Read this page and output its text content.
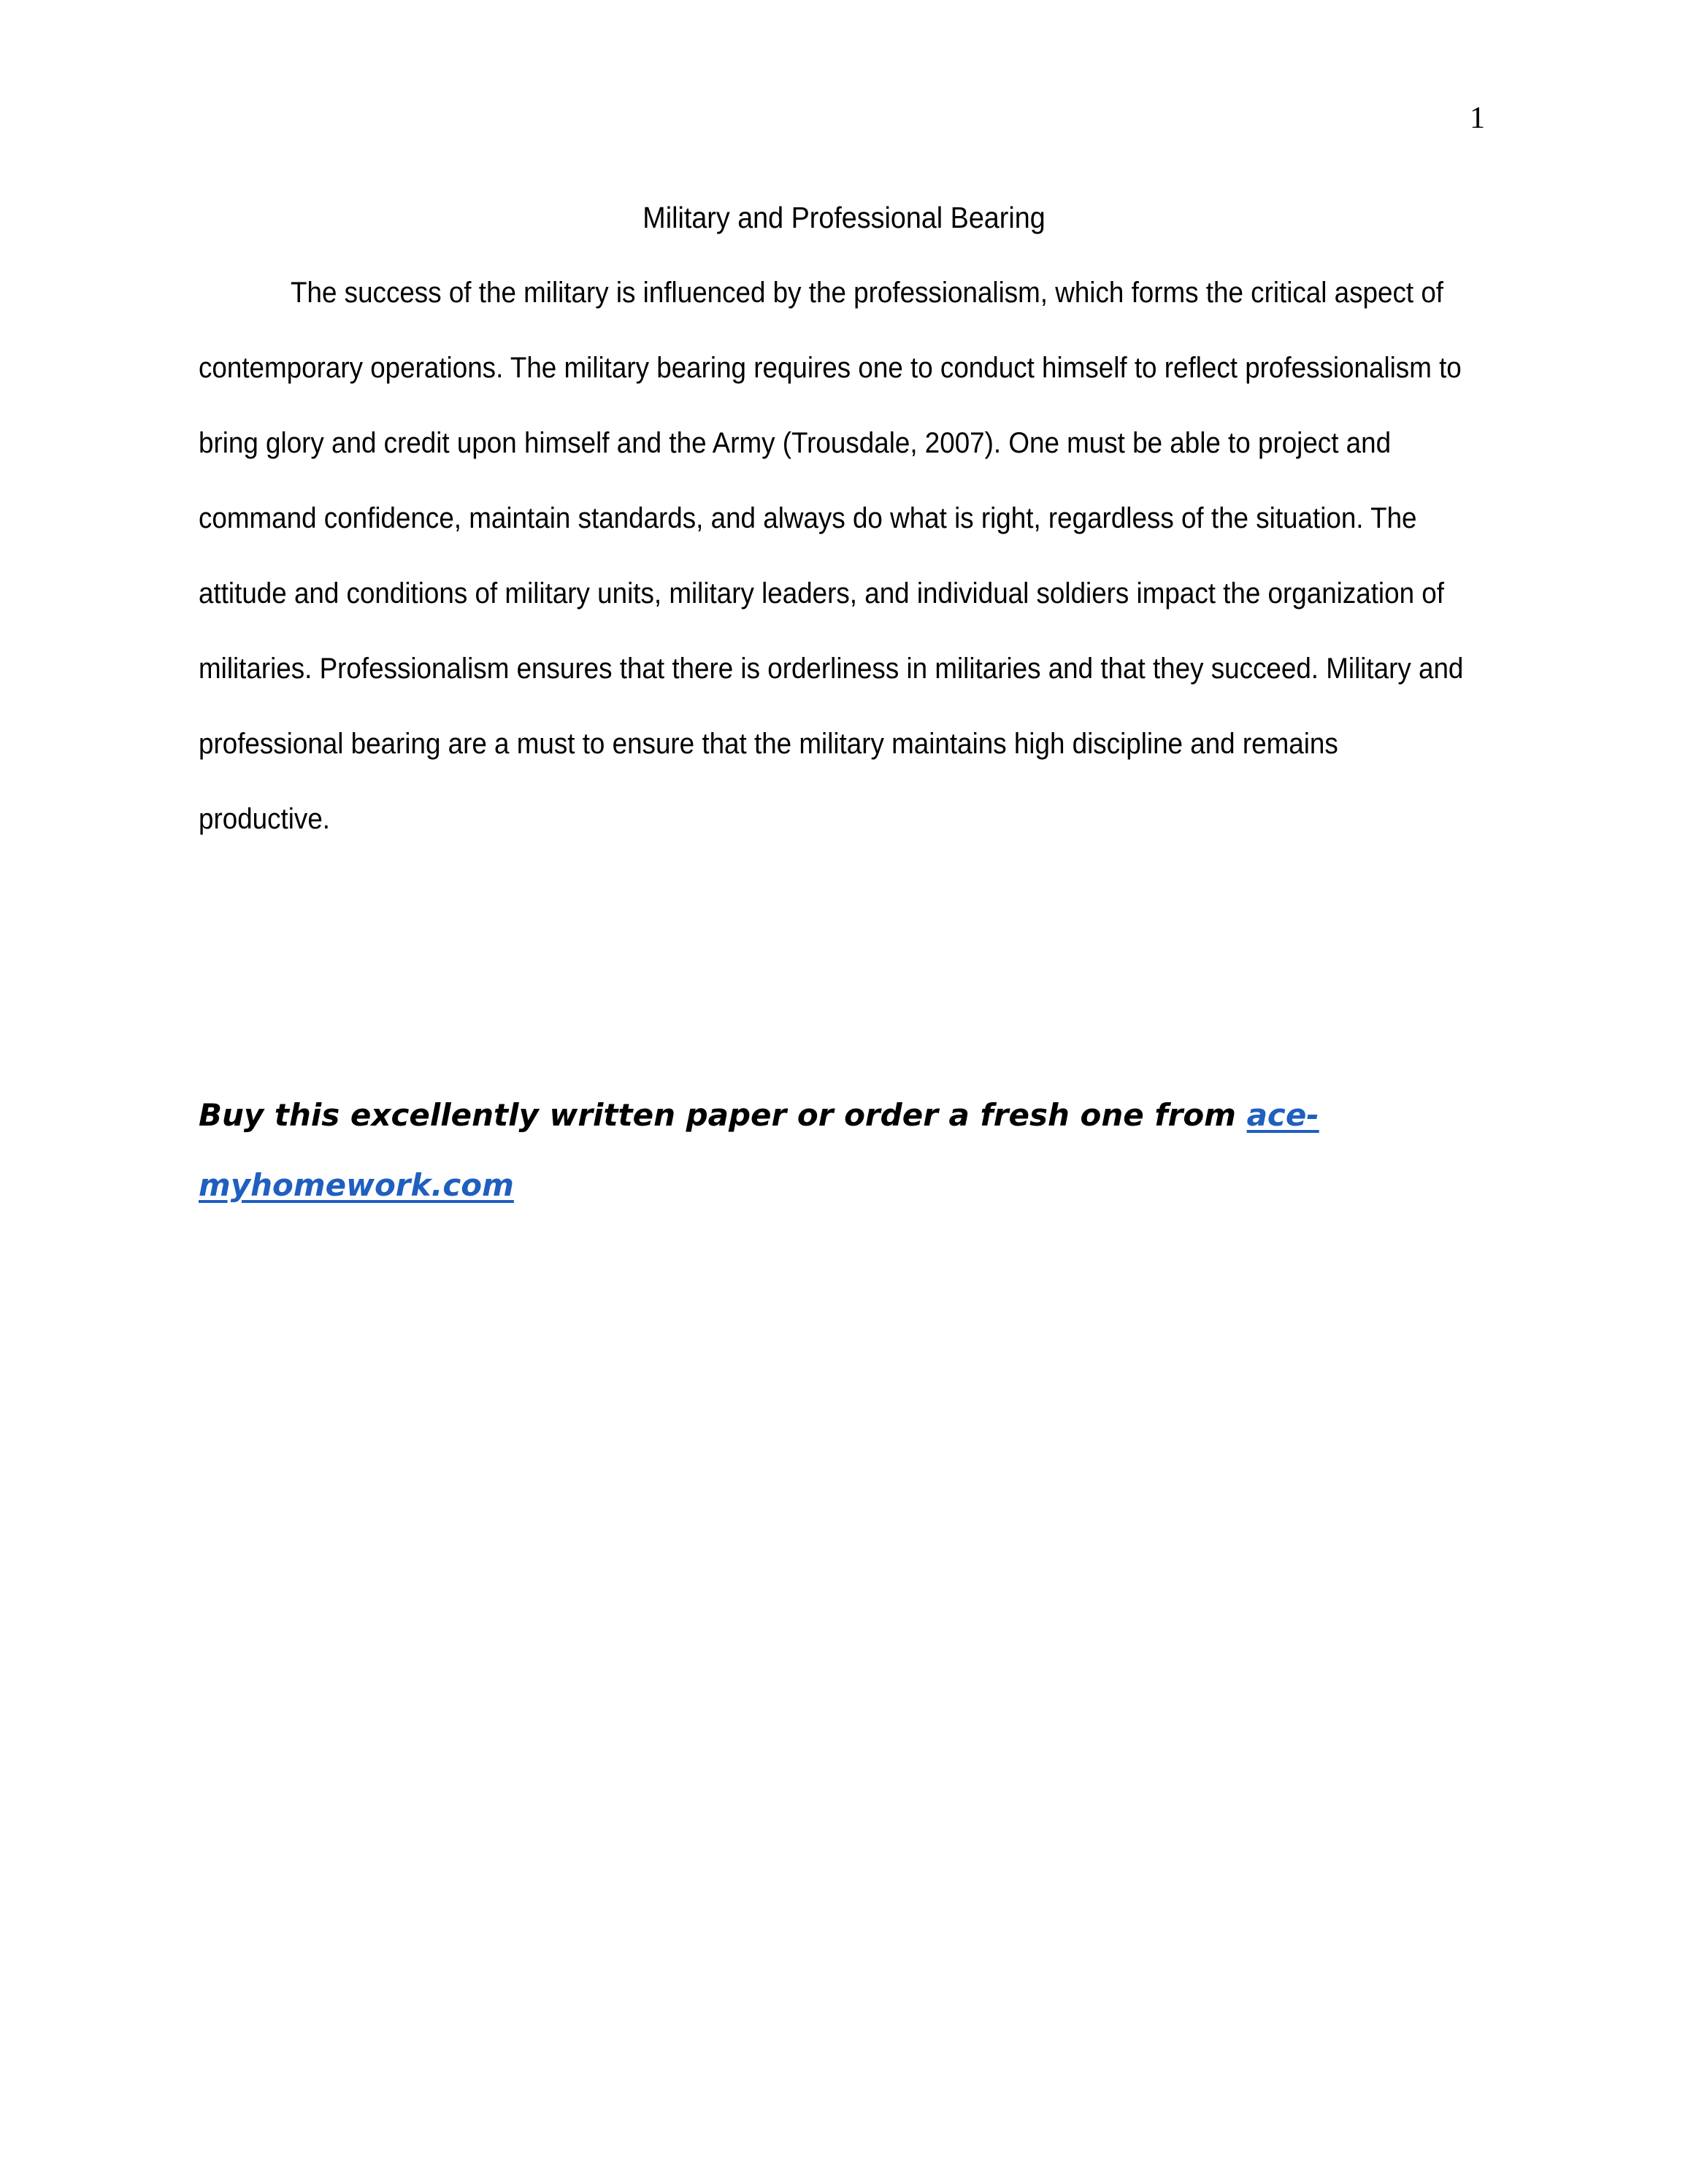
1
Military and Professional Bearing
The success of the military is influenced by the professionalism, which forms the critical aspect of
contemporary operations. The military bearing requires one to conduct himself to reflect professionalism to
bring glory and credit upon himself and the Army (Trousdale, 2007). One must be able to project and
command confidence, maintain standards, and always do what is right, regardless of the situation. The
attitude and conditions of military units, military leaders, and individual soldiers impact the organization of
militaries. Professionalism ensures that there is orderliness in militaries and that they succeed. Military and
professional bearing are a must to ensure that the military maintains high discipline and remains
productive.
Buy this excellently written paper or order a fresh one from ace-
myhomework.com
